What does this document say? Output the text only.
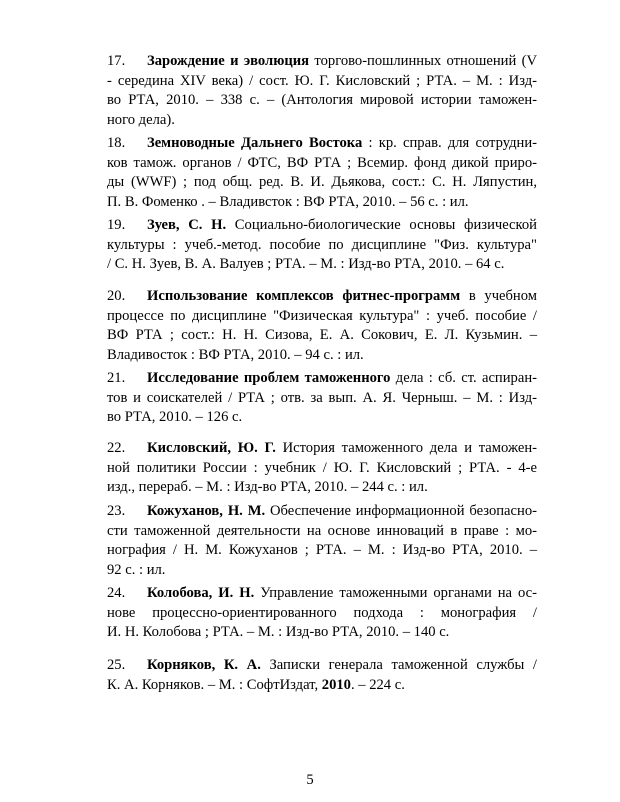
17.	Зарождение и эволюция торгово-пошлинных отношений (V
- середина XIV века) / сост. Ю. Г. Кисловский ; РТА. – М. : Изд-
во РТА, 2010. – 338 с. – (Антология мировой истории таможен-
ного дела).
18.	Земноводные Дальнего Востока : кр. справ. для сотрудни-
ков тамож. органов / ФТС, ВФ РТА ; Всемир. фонд дикой приро-
ды (WWF) ; под общ. ред. В. И. Дьякова, сост.: С. Н. Ляпустин,
П. В. Фоменко . – Владивсток : ВФ РТА, 2010. – 56 с. : ил.
19.	Зуев, С. Н. Социально-биологические основы физической
культуры : учеб.-метод. пособие по дисциплине "Физ. культура"
/ С. Н. Зуев, В. А. Валуев ; РТА. – М. : Изд-во РТА, 2010. – 64 с.
20.	Использование комплексов фитнес-программ в учебном
процессе по дисциплине "Физическая культура" : учеб. пособие /
ВФ РТА ; сост.: Н. Н. Сизова, Е. А. Сокович, Е. Л. Кузьмин. –
Владивосток : ВФ РТА, 2010. – 94 с. : ил.
21.	Исследование проблем таможенного дела : сб. ст. аспиран-
тов и соискателей / РТА ; отв. за вып. А. Я. Черныш. – М. : Изд-
во РТА, 2010. – 126 с.
22.	Кисловский, Ю. Г. История таможенного дела и таможен-
ной политики России : учебник / Ю. Г. Кисловский ; РТА. - 4-е
изд., перераб. – М. : Изд-во РТА, 2010. – 244 с. : ил.
23.	Кожуханов, Н. М. Обеспечение информационной безопасно-
сти таможенной деятельности на основе инноваций в праве : мо-
нография / Н. М. Кожуханов ; РТА. – М. : Изд-во РТА, 2010. –
92 с. : ил.
24.	Колобова, И. Н. Управление таможенными органами на ос-
нове процессно-ориентированного подхода : монография /
И. Н. Колобова ; РТА. – М. : Изд-во РТА, 2010. – 140 с.
25.	Корняков, К. А. Записки генерала таможенной службы /
К. А. Корняков. – М. : СофтИздат, 2010. – 224 с.
5
